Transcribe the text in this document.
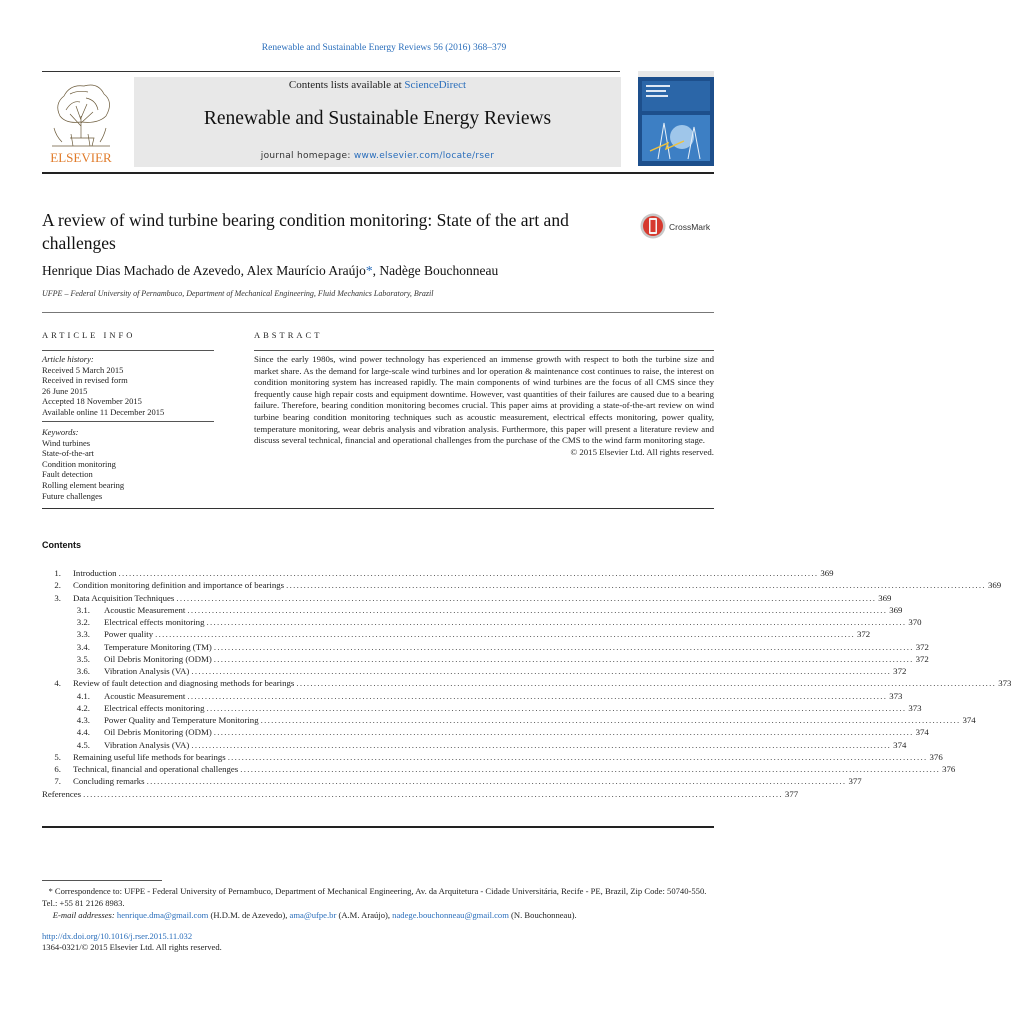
Renewable and Sustainable Energy Reviews 56 (2016) 368–379
ELSEVIER
Contents lists available at ScienceDirect
Renewable and Sustainable Energy Reviews
journal homepage: www.elsevier.com/locate/rser
A review of wind turbine bearing condition monitoring: State of the art and challenges
CrossMark
Henrique Dias Machado de Azevedo, Alex Maurício Araújo*, Nadège Bouchonneau
UFPE – Federal University of Pernambuco, Department of Mechanical Engineering, Fluid Mechanics Laboratory, Brazil
ARTICLE INFO	ABSTRACT
Article history:
Received 5 March 2015
Received in revised form
26 June 2015
Accepted 18 November 2015
Available online 11 December 2015
Keywords:
Wind turbines
State-of-the-art
Condition monitoring
Fault detection
Rolling element bearing
Future challenges
Since the early 1980s, wind power technology has experienced an immense growth with respect to both the turbine size and market share. As the demand for large-scale wind turbines and lor operation & maintenance cost continues to raise, the interest on condition monitoring system has increased rapidly. The main components of wind turbines are the focus of all CMS since they frequently cause high repair costs and equipment downtime. However, vast quantities of their failures are caused due to a bearing failure. Therefore, bearing condition monitoring becomes crucial. This paper aims at providing a state-of-the-art review on wind turbine bearing condition monitoring techniques such as acoustic measurement, electrical effects monitoring, power quality, temperature monitoring, wear debris analysis and vibration analysis. Furthermore, this paper will present a literature review and discuss several technical, financial and operational challenges from the purchase of the CMS to the wind farm monitoring stage.
© 2015 Elsevier Ltd. All rights reserved.
Contents
1.	Introduction ........................................................................................................................................................................................................ 369
2.	Condition monitoring definition and importance of bearings ........................................................................................................................................................................................................ 369
3.	Data Acquisition Techniques ........................................................................................................................................................................................................ 369
3.1.	Acoustic Measurement ........................................................................................................................................................................................................ 369
3.2.	Electrical effects monitoring ........................................................................................................................................................................................................ 370
3.3.	Power quality ........................................................................................................................................................................................................ 372
3.4.	Temperature Monitoring (TM) ........................................................................................................................................................................................................ 372
3.5.	Oil Debris Monitoring (ODM) ........................................................................................................................................................................................................ 372
3.6.	Vibration Analysis (VA) ........................................................................................................................................................................................................ 372
4.	Review of fault detection and diagnosing methods for bearings ........................................................................................................................................................................................................ 373
4.1.	Acoustic Measurement ........................................................................................................................................................................................................ 373
4.2.	Electrical effects monitoring ........................................................................................................................................................................................................ 373
4.3.	Power Quality and Temperature Monitoring ........................................................................................................................................................................................................ 374
4.4.	Oil Debris Monitoring (ODM) ........................................................................................................................................................................................................ 374
4.5.	Vibration Analysis (VA) ........................................................................................................................................................................................................ 374
5.	Remaining useful life methods for bearings ........................................................................................................................................................................................................ 376
6.	Technical, financial and operational challenges ........................................................................................................................................................................................................ 376
7.	Concluding remarks ........................................................................................................................................................................................................ 377
References ........................................................................................................................................................................................................ 377
* Correspondence to: UFPE - Federal University of Pernambuco, Department of Mechanical Engineering, Av. da Arquitetura - Cidade Universitária, Recife - PE, Brazil, Zip Code: 50740-550. Tel.: +55 81 2126 8983.
E-mail addresses: henrique.dma@gmail.com (H.D.M. de Azevedo), ama@ufpe.br (A.M. Araújo), nadege.bouchonneau@gmail.com (N. Bouchonneau).
http://dx.doi.org/10.1016/j.rser.2015.11.032
1364-0321/© 2015 Elsevier Ltd. All rights reserved.
